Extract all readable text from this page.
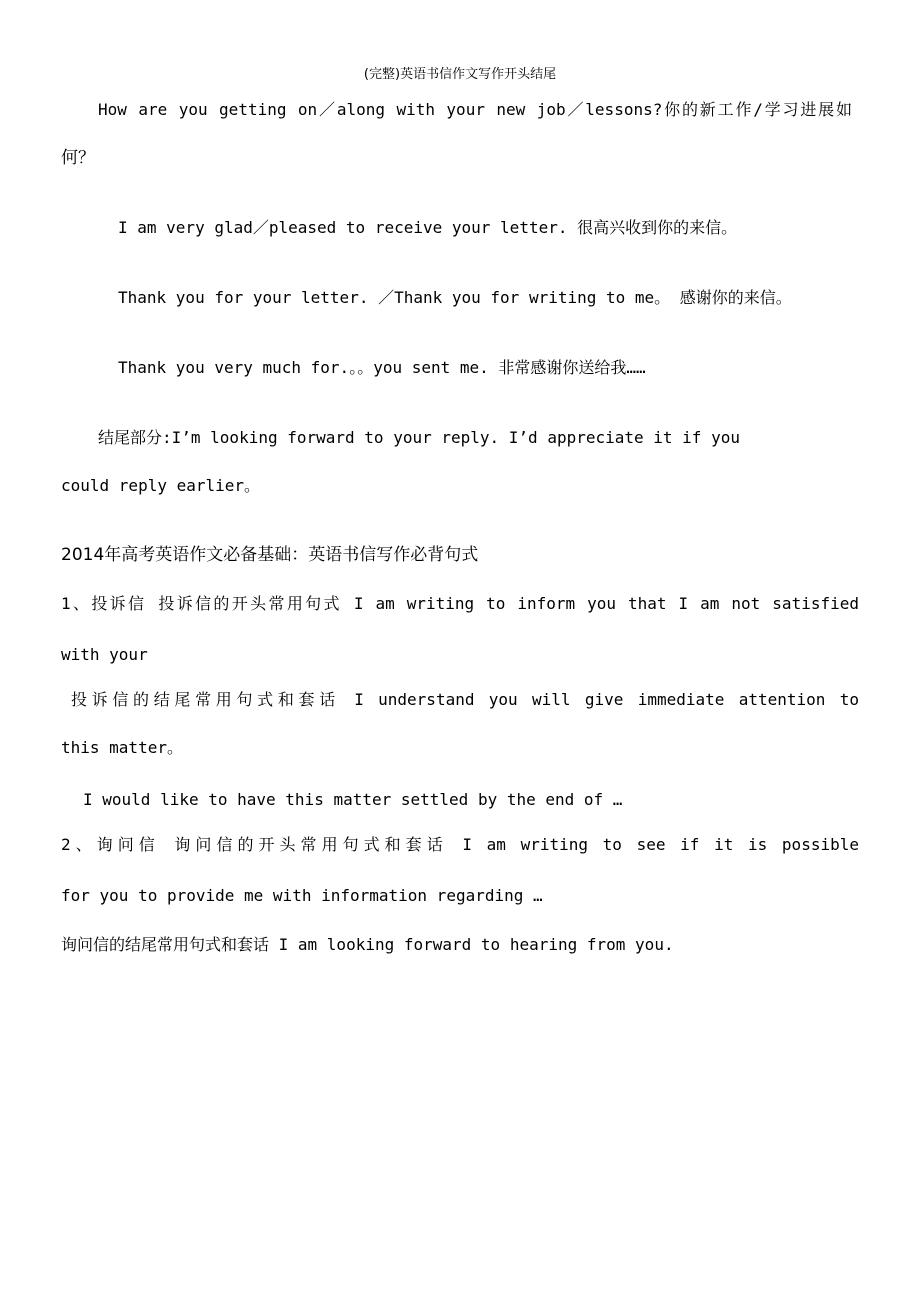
(完整)英语书信作文写作开头结尾
How are you getting on／along with your new job／lessons?你的新工作/学习进展如
何？
I am very glad／pleased to receive your letter. 很高兴收到你的来信。
Thank you for your letter. ／Thank you for writing to me。 感谢你的来信。
Thank you very much for.。。you sent me. 非常感谢你送给我……
结尾部分:I’m looking forward to your reply. I’d appreciate it if you
could reply earlier。
2014年高考英语作文必备基础：英语书信写作必背句式
1、投诉信 投诉信的开头常用句式 I am writing to inform you that I am not satisfied
with your
投诉信的结尾常用句式和套话 I understand you will give immediate attention to
this matter。
I would like to have this matter settled by the end of …
2、询问信 询问信的开头常用句式和套话 I am writing to see if it is possible
for you to provide me with information regarding …
询问信的结尾常用句式和套话 I am looking forward to hearing from you.
